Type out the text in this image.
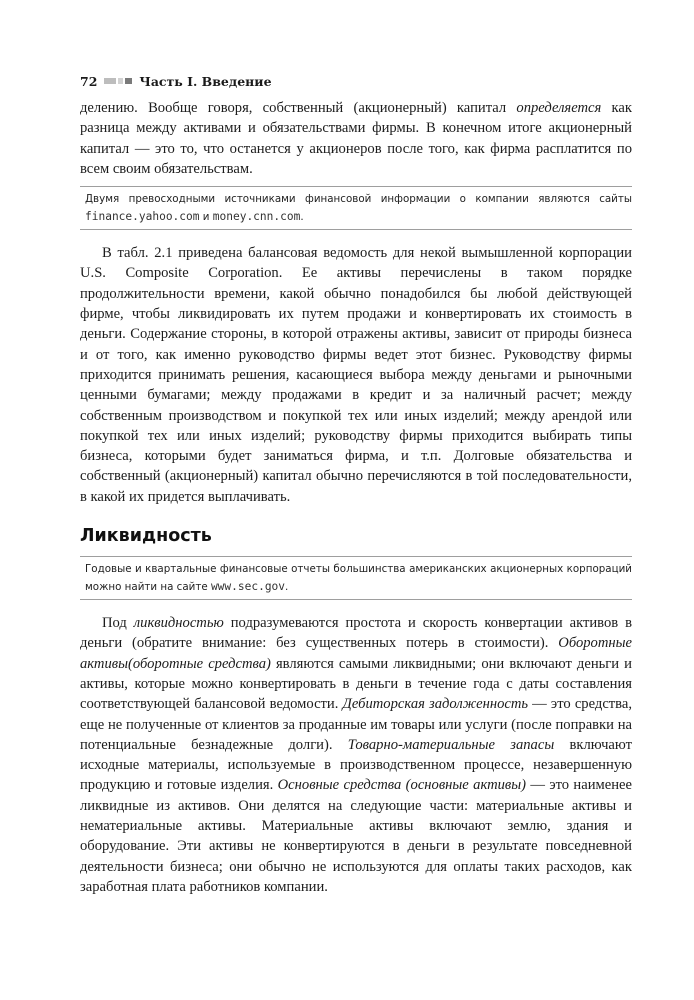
72	Часть I. Введение

делению. Вообще говоря, собственный (акционерный) капитал определяется как разница между активами и обязательствами фирмы. В конечном итоге акционерный капитал — это то, что останется у акционеров после того, как фирма расплатится по всем своим обязательствам.

Двумя превосходными источниками финансовой информации о компании являются сайты finance.yahoo.com и money.cnn.com.

В табл. 2.1 приведена балансовая ведомость для некой вымышленной корпорации U.S. Composite Corporation. Ее активы перечислены в таком порядке продолжительности времени, какой обычно понадобился бы любой действующей фирме, чтобы ликвидировать их путем продажи и конвертировать их стоимость в деньги. Содержание стороны, в которой отражены активы, зависит от природы бизнеса и от того, как именно руководство фирмы ведет этот бизнес. Руководству фирмы приходится принимать решения, касающиеся выбора между деньгами и рыночными ценными бумагами; между продажами в кредит и за наличный расчет; между собственным производством и покупкой тех или иных изделий; между арендой или покупкой тех или иных изделий; руководству фирмы приходится выбирать типы бизнеса, которыми будет заниматься фирма, и т.п. Долговые обязательства и собственный (акционерный) капитал обычно перечисляются в той последовательности, в какой их придется выплачивать.

Ликвидность
Годовые и квартальные финансовые отчеты большинства американских акционерных корпораций можно найти на сайте www.sec.gov.

Под ликвидностью подразумеваются простота и скорость конвертации активов в деньги (обратите внимание: без существенных потерь в стоимости). Оборотные активы(оборотные средства) являются самыми ликвидными; они включают деньги и активы, которые можно конвертировать в деньги в течение года с даты составления соответствующей балансовой ведомости. Дебиторская задолженность — это средства, еще не полученные от клиентов за проданные им товары или услуги (после поправки на потенциальные безнадежные долги). Товарно-материальные запасы включают исходные материалы, используемые в производственном процессе, незавершенную продукцию и готовые изделия. Основные средства (основные активы) — это наименее ликвидные из активов. Они делятся на следующие части: материальные активы и нематериальные активы. Материальные активы включают землю, здания и оборудование. Эти активы не конвертируются в деньги в результате повседневной деятельности бизнеса; они обычно не используются для оплаты таких расходов, как заработная плата работников компании.
